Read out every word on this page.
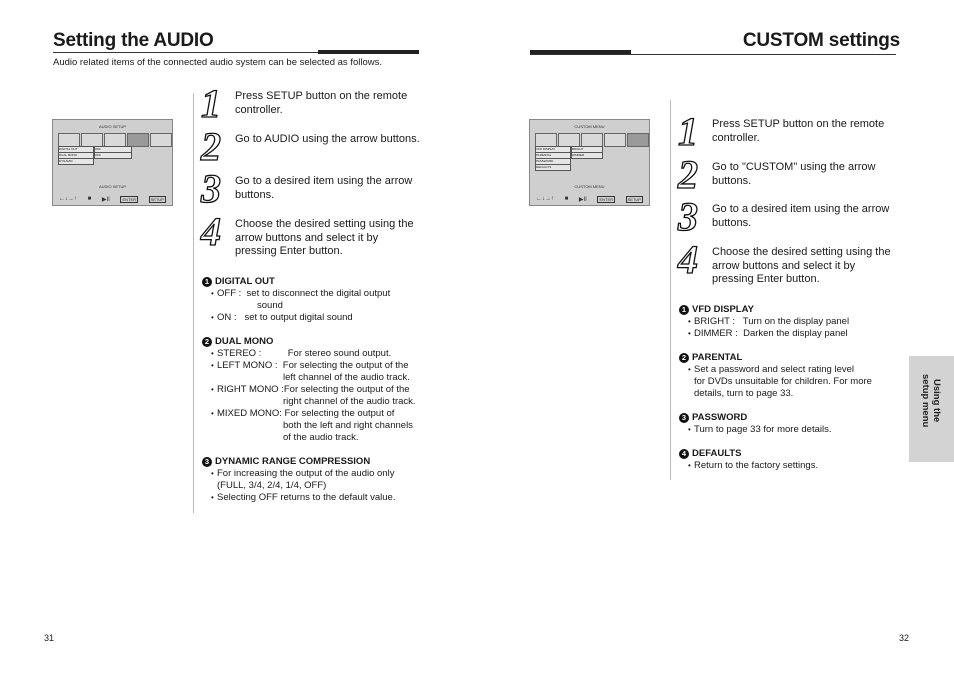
Setting the AUDIO
Audio related items of the connected audio system can be selected as follows.
AUDIO SETUP
DIGITAL OUT
DUAL MONO
DYNAMIC
OFF
OFF
AUDIO SETUP
←↓→↑ ■ ▶II	ENTER	SETUP
1 Press SETUP button on the remote controller.
2 Go to AUDIO using the arrow buttons.
3 Go to a desired item using the arrow buttons.
4 Choose the desired setting using the arrow buttons and select it by pressing Enter button.
1 DIGITAL OUT
• OFF :  set to disconnect the digital output
sound
• ON :   set to output digital sound
2 DUAL MONO
• STEREO :          For stereo sound output.
• LEFT MONO :  For selecting the output of the
left channel of the audio track.
• RIGHT MONO :For selecting the output of the
right channel of the audio track.
• MIXED MONO: For selecting the output of
both the left and right channels
of the audio track.
3 DYNAMIC RANGE COMPRESSION
• For increasing the output of the audio only
(FULL, 3/4, 2/4, 1/4, OFF)
• Selecting OFF returns to the default value.
31
CUSTOM settings
CUSTOM MENU
VFD DISPLAY
PARENTAL
PASSWORD
DEFAULTS
BRIGHT
DIMMER
CUSTOM MENU
←↓→↑ ■ ▶II	ENTER	SETUP
1 Press SETUP button on the remote controller.
2 Go to "CUSTOM" using the arrow buttons.
3 Go to a desired item using the arrow buttons.
4 Choose the desired setting using the arrow buttons and select it by pressing Enter button.
1 VFD DISPLAY
• BRIGHT :   Turn on the display panel
• DIMMER :  Darken the display panel
2 PARENTAL
• Set a password and select rating level
for DVDs unsuitable for children. For more
details, turn to page 33.
3 PASSWORD
• Turn to page 33 for more details.
4 DEFAULTS
• Return to the factory settings.
Using the
setup menu
32
